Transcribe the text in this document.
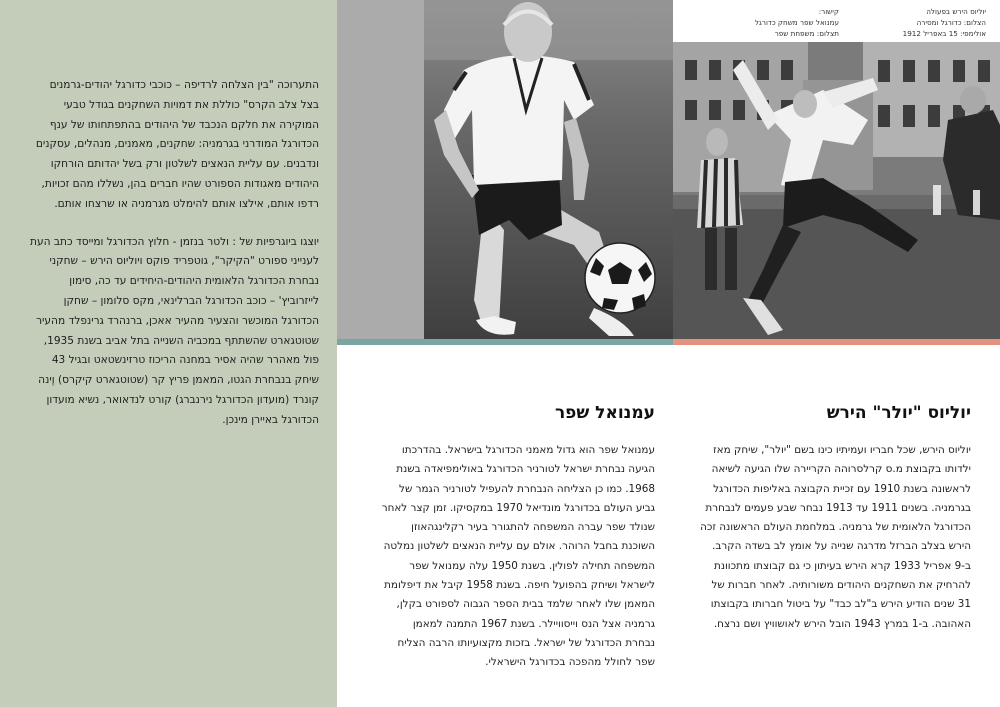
התערוכה "בין הצלחה לרדיפה – כוכבי כדורגל יהודים-גרמנים בצל צלב הקרס" כוללת את דמויות השחקנים בגודל טבעי המוקירה את חלקם הנכבד של היהודים בהתפתחותו של ענף הכדורגל המודרני בגרמניה: שחקנים, מאמנים, מנהלים, עסקנים ונדבנים. עם עליית הנאצים לשלטון ורק בשל יהדותם הורחקו היהודים מאגודות הספורט שהיו חברים בהן, נשללו מהם זכויות, רדפו אותם, אילצו אותם להימלט מגרמניה או שרצחו אותם.

יוצגו ביוגרפיות של : ולטר בנזמן - חלוץ הכדורגל ומייסד כתב העת לענייני ספורט "הקיקר", גוטפריד פוקס ויוליוס הירש – שחקני נבחרת הכדורגל הלאומית היהודים-היחידים עד כה, סימון לייזרוביץ' – כוכב הכדורגל הברלינאי, מקס סלומון – שחקן הכדורגל המוכשר והצעיר מהעיר אאכן, ברנהרד גרינפלד מהעיר שטוטגארט שהשתתף במכביה השנייה בתל אביב בשנת 1935, פול מאהרר שהיה אסיר במחנה הריכוז טרזינשטאט ובגיל 43 שיחק בנבחרת הגטו, המאמן פריץ קר (שטוטגארט קיקרס) וֶינה קונרד (מועדון הכדורגל נירנברג) קורט לנדאואר, נשיא מועדון הכדורגל באיירן מינכן.

קישור:
עמנואל שפר משחק כדורגל
תצלום: משפחת שפר
יוליוס הירש בפעולה
הצלום: כדורגל ומסירה
אולימפי: 15 באפריל 1912
עמנואל שפר

עמנואל שפר הוא גדול מאמני הכדורגל בישראל. בהדרכתו הגיעה נבחרת ישראל לטורניר הכדורגל באולימפיאדה בשנת 1968. כמו כן הצליחה הנבחרת להעפיל לטורניר הגמר של גביע העולם בכדורגל מונדיאל 1970 במקסיקו. זמן קצר לאחר שנולד שפר עברה המשפחה להתגורר בעיר רקלינגהאוזן השוכנת בחבל הרוהר. אולם עם עליית הנאצים לשלטון נמלטה המשפחה תחילה לפולין. בשנת 1950 עלה עמנואל שפר לישראל ושיחק בהפועל חיפה. בשנת 1958 קיבל את דיפלומת המאמן שלו לאחר שלמד בבית הספר הגבוה לספורט בקלן, גרמניה אצל הנס וייסוויילר. בשנת 1967 התמנה למאמן נבחרת הכדורגל של ישראל. בזכות מקצועיותו הרבה הצליח שפר לחולל מהפכה בכדורגל הישראלי.

יוליוס "יולר" הירש

יוליוס הירש, שכל חבריו ועמיתיו כינו בשם "יולר", שיחק מאז ילדותו בקבוצת מ.ס קרלסרוהה הקריירה שלו הגיעה לשיאה לראשונה בשנת 1910 עם זכיית הקבוצה באליפות הכדורגל בגרמניה. בשנים 1911 עד 1913 נבחר שבע פעמים לנבחרת הכדורגל הלאומית של גרמניה. במלחמת העולם הראשונה זכה הירש בצלב הברזל מדרגה שנייה על אומץ לב בשדה הקרב. ב-9 אפריל 1933 קרא הירש בעיתון כי גם קבוצתו מתכוונת להרחיק את השחקנים היהודים משורותיה. לאחר חברות של 31 שנים הודיע הירש ב"לב כבד" על ביטול חברותו בקבוצתו האהובה. ב-1 במרץ 1943 הובל הירש לאושוויץ ושם נרצח.
